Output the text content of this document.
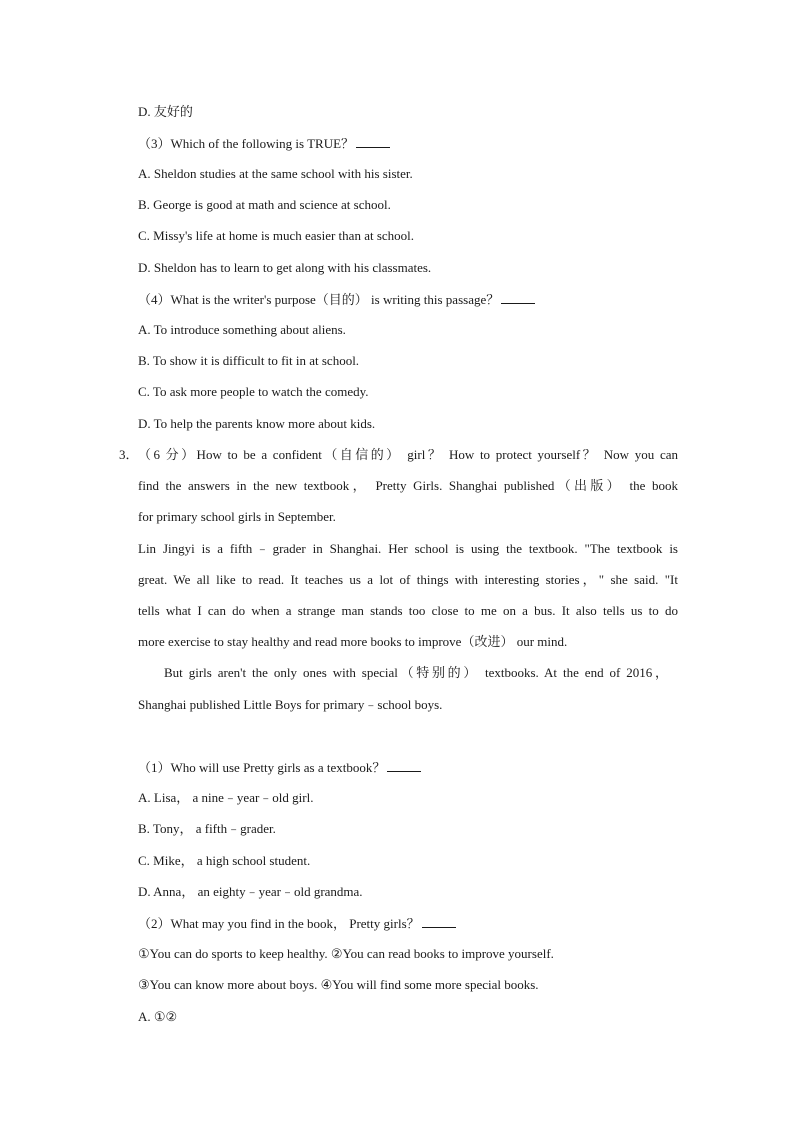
D. 友好的
（3）Which of the following is TRUE？
A. Sheldon studies at the same school with his sister.
B. George is good at math and science at school.
C. Missy's life at home is much easier than at school.
D. Sheldon has to learn to get along with his classmates.
（4）What is the writer's purpose（目的） is writing this passage？
A. To introduce something about aliens.
B. To show it is difficult to fit in at school.
C. To ask more people to watch the comedy.
D. To help the parents know more about kids.
3． （6 分）How to be a confident（自信的） girl？ How to protect yourself？ Now you can
find the answers in the new textbook， Pretty Girls. Shanghai published（出版） the book
for primary school girls in September.
Lin Jingyi is a fifth﹣grader in Shanghai. Her school is using the textbook. "The textbook is
great. We all like to read. It teaches us a lot of things with interesting stories，" she said. "It
tells what I can do when a strange man stands too close to me on a bus. It also tells us to do
more exercise to stay healthy and read more books to improve（改进） our mind.
But girls aren't the only ones with special（特别的） textbooks. At the end of 2016，
Shanghai published Little Boys for primary﹣school boys.
（1）Who will use Pretty girls as a textbook？
A. Lisa， a nine﹣year﹣old girl.
B. Tony， a fifth﹣grader.
C. Mike， a high school student.
D. Anna， an eighty﹣year﹣old grandma.
（2）What may you find in the book， Pretty girls？
①You can do sports to keep healthy. ②You can read books to improve yourself.
③You can know more about boys. ④You will find some more special books.
A. ①②
